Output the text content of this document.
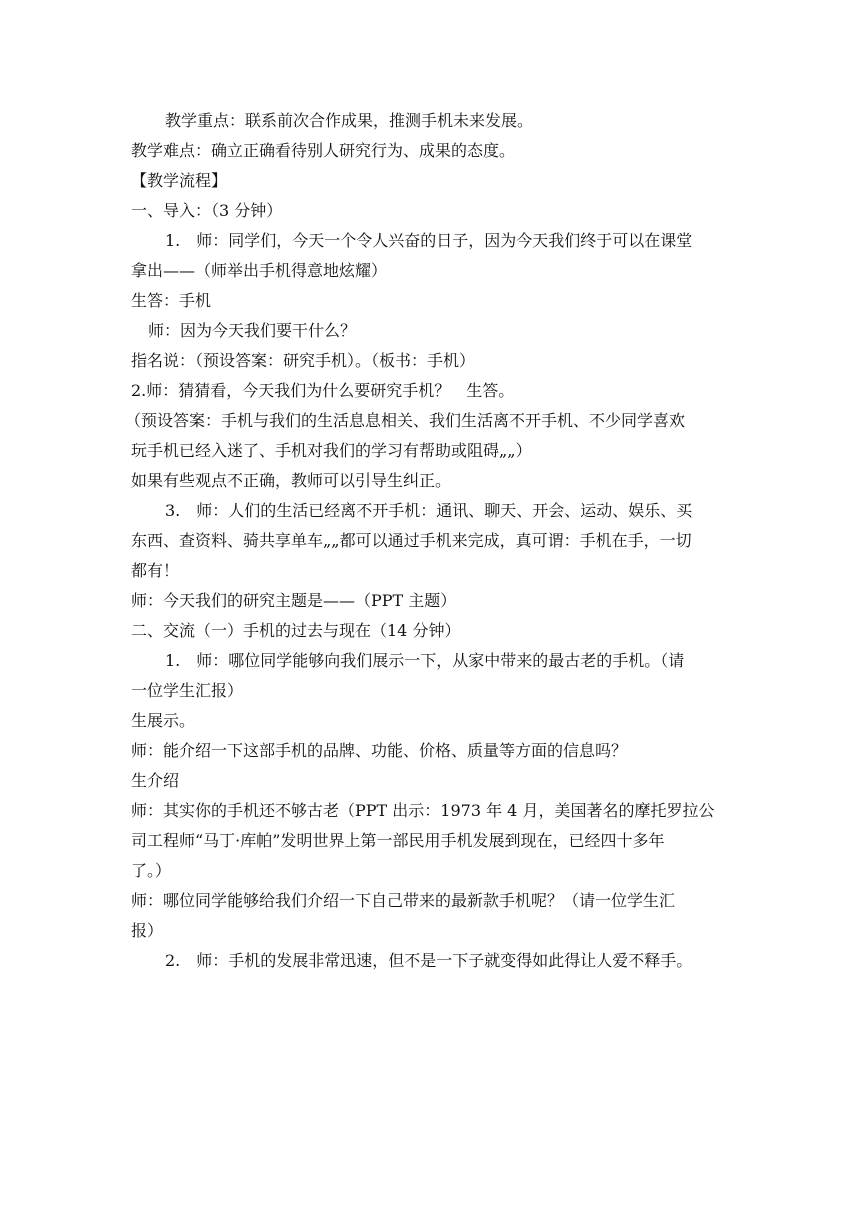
教学重点：联系前次合作成果，推测手机未来发展。
教学难点：确立正确看待别人研究行为、成果的态度。
【教学流程】
一、导入：（3 分钟）
1.　师：同学们，今天一个令人兴奋的日子，因为今天我们终于可以在课堂
拿出——（师举出手机得意地炫耀）
生答：手机
师：因为今天我们要干什么？
指名说：（预设答案：研究手机）。（板书：手机）
2.师：猜猜看，今天我们为什么要研究手机？　生答。
（预设答案：手机与我们的生活息息相关、我们生活离不开手机、不少同学喜欢
玩手机已经入迷了、手机对我们的学习有帮助或阻碍„„）
如果有些观点不正确，教师可以引导生纠正。
3.　师：人们的生活已经离不开手机：通讯、聊天、开会、运动、娱乐、买
东西、查资料、骑共享单车„„都可以通过手机来完成，真可谓：手机在手，一切
都有！
师：今天我们的研究主题是——（PPT 主题）
二、交流（一）手机的过去与现在（14 分钟）
1.　师：哪位同学能够向我们展示一下，从家中带来的最古老的手机。（请
一位学生汇报）
生展示。
师：能介绍一下这部手机的品牌、功能、价格、质量等方面的信息吗？
生介绍
师：其实你的手机还不够古老（PPT 出示：1973 年 4 月，美国著名的摩托罗拉公
司工程师“马丁·库帕”发明世界上第一部民用手机发展到现在，已经四十多年
了。）
师：哪位同学能够给我们介绍一下自己带来的最新款手机呢？（请一位学生汇
报）
2.　师：手机的发展非常迅速，但不是一下子就变得如此得让人爱不释手。
